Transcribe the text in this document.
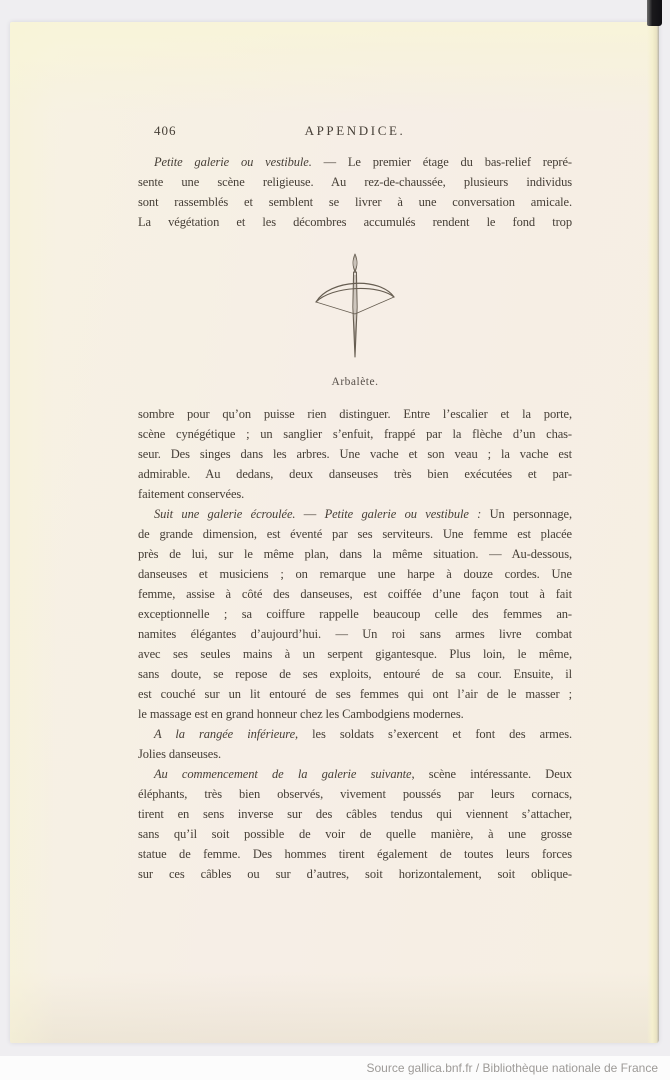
406	APPENDICE.
Petite galerie ou vestibule. — Le premier étage du bas-relief repré-
sente une scène religieuse. Au rez-de-chaussée, plusieurs individus
sont rassemblés et semblent se livrer à une conversation amicale.
La végétation et les décombres accumulés rendent le fond trop
Arbalète.
sombre pour qu’on puisse rien distinguer. Entre l’escalier et la porte,
scène cynégétique ; un sanglier s’enfuit, frappé par la flèche d’un chas-
seur. Des singes dans les arbres. Une vache et son veau ; la vache est
admirable. Au dedans, deux danseuses très bien exécutées et par-
faitement conservées.
Suit une galerie écroulée. — Petite galerie ou vestibule : Un personnage,
de grande dimension, est éventé par ses serviteurs. Une femme est placée
près de lui, sur le même plan, dans la même situation. — Au-dessous,
danseuses et musiciens ; on remarque une harpe à douze cordes. Une
femme, assise à côté des danseuses, est coiffée d’une façon tout à fait
exceptionnelle ; sa coiffure rappelle beaucoup celle des femmes an-
namites élégantes d’aujourd’hui. — Un roi sans armes livre combat
avec ses seules mains à un serpent gigantesque. Plus loin, le même,
sans doute, se repose de ses exploits, entouré de sa cour. Ensuite, il
est couché sur un lit entouré de ses femmes qui ont l’air de le masser ;
le massage est en grand honneur chez les Cambodgiens modernes.
A la rangée inférieure, les soldats s’exercent et font des armes.
Jolies danseuses.
Au commencement de la galerie suivante, scène intéressante. Deux
éléphants, très bien observés, vivement poussés par leurs cornacs,
tirent en sens inverse sur des câbles tendus qui viennent s’attacher,
sans qu’il soit possible de voir de quelle manière, à une grosse
statue de femme. Des hommes tirent également de toutes leurs forces
sur ces câbles ou sur d’autres, soit horizontalement, soit oblique-
Source gallica.bnf.fr / Bibliothèque nationale de France
